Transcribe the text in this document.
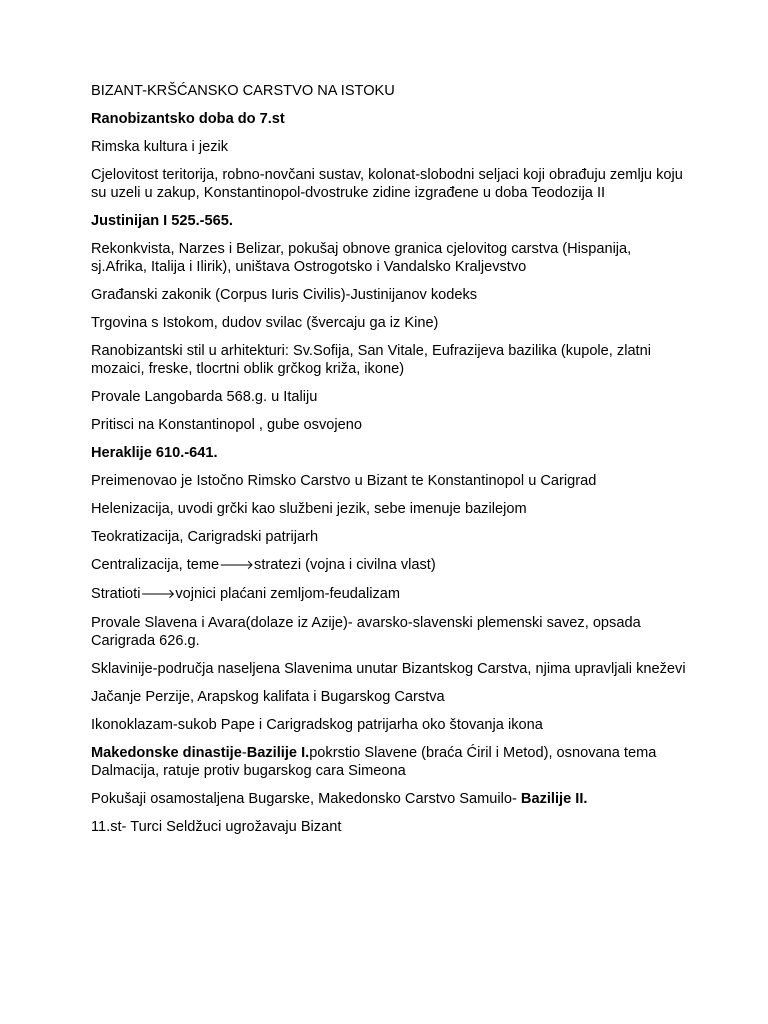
BIZANT-KRŠĆANSKO CARSTVO NA ISTOKU

Ranobizantsko doba do 7.st

Rimska kultura i jezik

Cjelovitost teritorija, robno-novčani sustav, kolonat-slobodni seljaci koji obrađuju zemlju koju su uzeli u zakup, Konstantinopol-dvostruke zidine izgrađene u doba Teodozija II

Justinijan I 525.-565.

Rekonkvista, Narzes i Belizar, pokušaj obnove granica cjelovitog carstva (Hispanija, sj.Afrika, Italija i Ilirik), uništava Ostrogotsko i Vandalsko Kraljevstvo

Građanski zakonik (Corpus Iuris Civilis)-Justinijanov kodeks

Trgovina s Istokom, dudov svilac (švercaju ga iz Kine)

Ranobizantski stil u arhitekturi: Sv.Sofija, San Vitale, Eufrazijeva bazilika (kupole, zlatni mozaici, freske, tlocrtni oblik grčkog križa, ikone)

Provale Langobarda 568.g. u Italiju

Pritisci na Konstantinopol , gube osvojeno

Heraklije 610.-641.

Preimenovao je Istočno Rimsko Carstvo u Bizant te Konstantinopol u Carigrad

Helenizacija, uvodi grčki kao službeni jezik, sebe imenuje bazilejom

Teokratizacija, Carigradski patrijarh

Centralizacija, teme🡒stratezi (vojna i civilna vlast)

Stratioti🡒vojnici plaćani zemljom-feudalizam

Provale Slavena i Avara(dolaze iz Azije)- avarsko-slavenski plemenski savez, opsada Carigrada 626.g.

Sklavinije-područja naseljena Slavenima unutar Bizantskog Carstva, njima upravljali kneževi

Jačanje Perzije, Arapskog kalifata i Bugarskog Carstva

Ikonoklazam-sukob Pape i Carigradskog patrijarha oko štovanja ikona

Makedonske dinastije-Bazilije I.pokrstio Slavene (braća Ćiril i Metod), osnovana tema Dalmacija, ratuje protiv bugarskog cara Simeona

Pokušaji osamostaljena Bugarske, Makedonsko Carstvo Samuilo- Bazilije II.

11.st- Turci Seldžuci ugrožavaju Bizant
